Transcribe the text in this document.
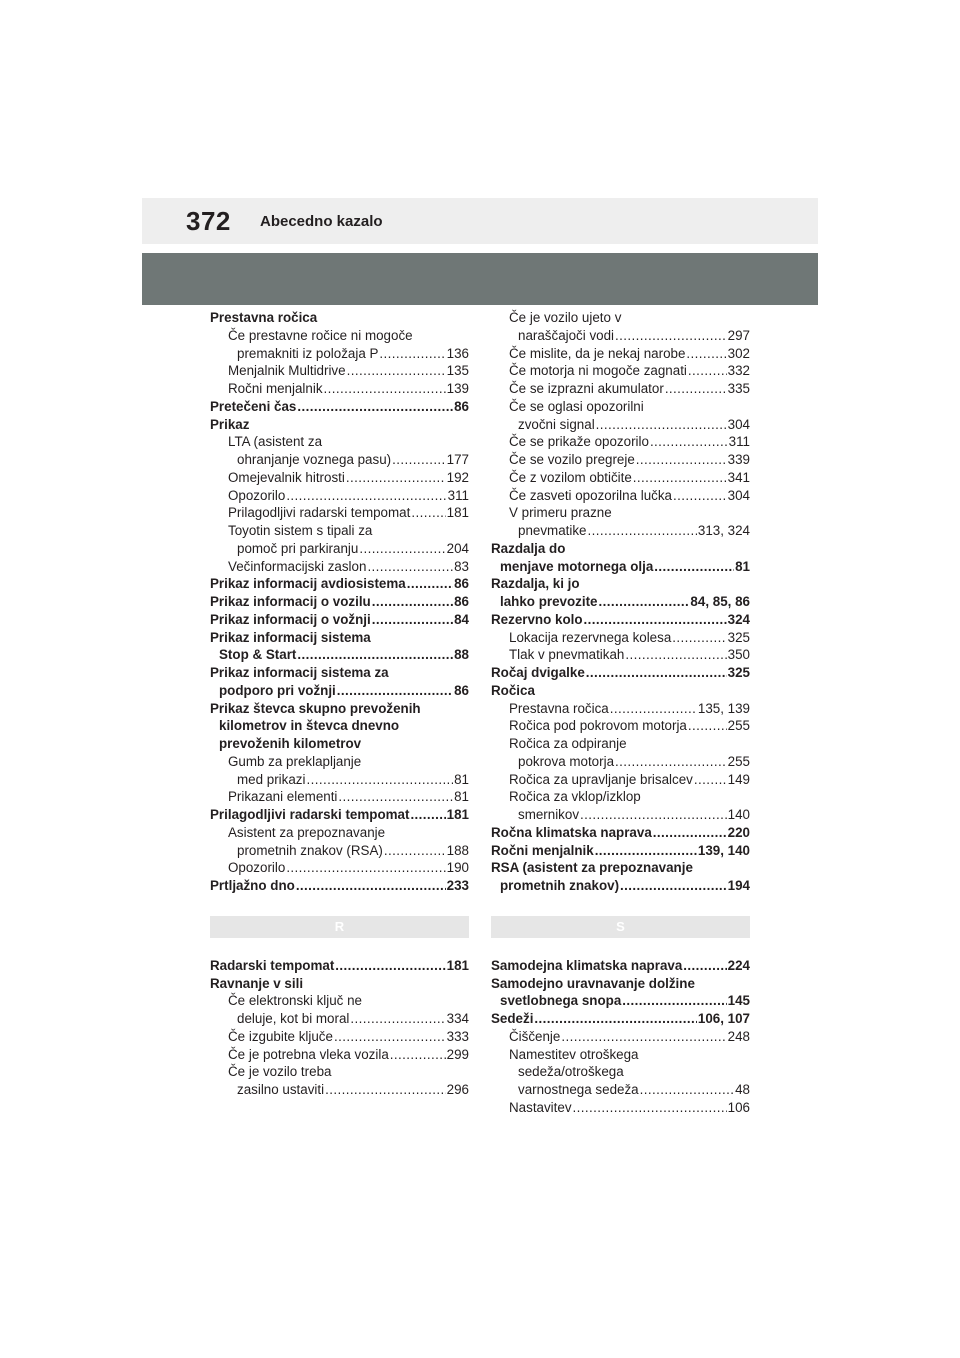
372 Abecedno kazalo
Prestavna ročica
Če prestavne ročice ni mogoče
premakniti iz položaja P .....	136
Menjalnik Multidrive .....	135
Ročni menjalnik .....	139
Pretečeni čas .....	86
Prikaz
LTA (asistent za
ohranjanje voznega pasu) .....	177
Omejevalnik hitrosti .....	192
Opozorilo .....	311
Prilagodljivi radarski tempomat .....	181
Toyotin sistem s tipali za
pomoč pri parkiranju .....	204
Večinformacijski zaslon .....	83
Prikaz informacij avdiosistema .....	86
Prikaz informacij o vozilu .....	86
Prikaz informacij o vožnji .....	84
Prikaz informacij sistema
Stop & Start .....	88
Prikaz informacij sistema za
podporo pri vožnji .....	86
Prikaz števca skupno prevoženih
kilometrov in števca dnevno
prevoženih kilometrov
Gumb za preklapljanje
med prikazi .....	81
Prikazani elementi .....	81
Prilagodljivi radarski tempomat .....	181
Asistent za prepoznavanje
prometnih znakov (RSA) .....	188
Opozorilo .....	190
Prtljažno dno .....	233
R
Radarski tempomat .....	181
Ravnanje v sili
Če elektronski ključ ne
deluje, kot bi moral .....	334
Če izgubite ključe .....	333
Če je potrebna vleka vozila .....	299
Če je vozilo treba
zasilno ustaviti .....	296
Če je vozilo ujeto v
naraščajoči vodi .....	297
Če mislite, da je nekaj narobe .....	302
Če motorja ni mogoče zagnati .....	332
Če se izprazni akumulator .....	335
Če se oglasi opozorilni
zvočni signal .....	304
Če se prikaže opozorilo .....	311
Če se vozilo pregreje .....	339
Če z vozilom obtičite .....	341
Če zasveti opozorilna lučka .....	304
V primeru prazne
pnevmatike .....	313, 324
Razdalja do
menjave motornega olja .....	81
Razdalja, ki jo
lahko prevozite .....	84, 85, 86
Rezervno kolo .....	324
Lokacija rezervnega kolesa .....	325
Tlak v pnevmatikah .....	350
Ročaj dvigalke .....	325
Ročica
Prestavna ročica .....	135, 139
Ročica pod pokrovom motorja .....	255
Ročica za odpiranje
pokrova motorja .....	255
Ročica za upravljanje brisalcev .....	149
Ročica za vklop/izklop
smernikov .....	140
Ročna klimatska naprava .....	220
Ročni menjalnik .....	139, 140
RSA (asistent za prepoznavanje
prometnih znakov) .....	194
S
Samodejna klimatska naprava .....	224
Samodejno uravnavanje dolžine
svetlobnega snopa .....	145
Sedeži .....	106, 107
Čiščenje .....	248
Namestitev otroškega
sedeža/otroškega
varnostnega sedeža .....	48
Nastavitev .....	106
